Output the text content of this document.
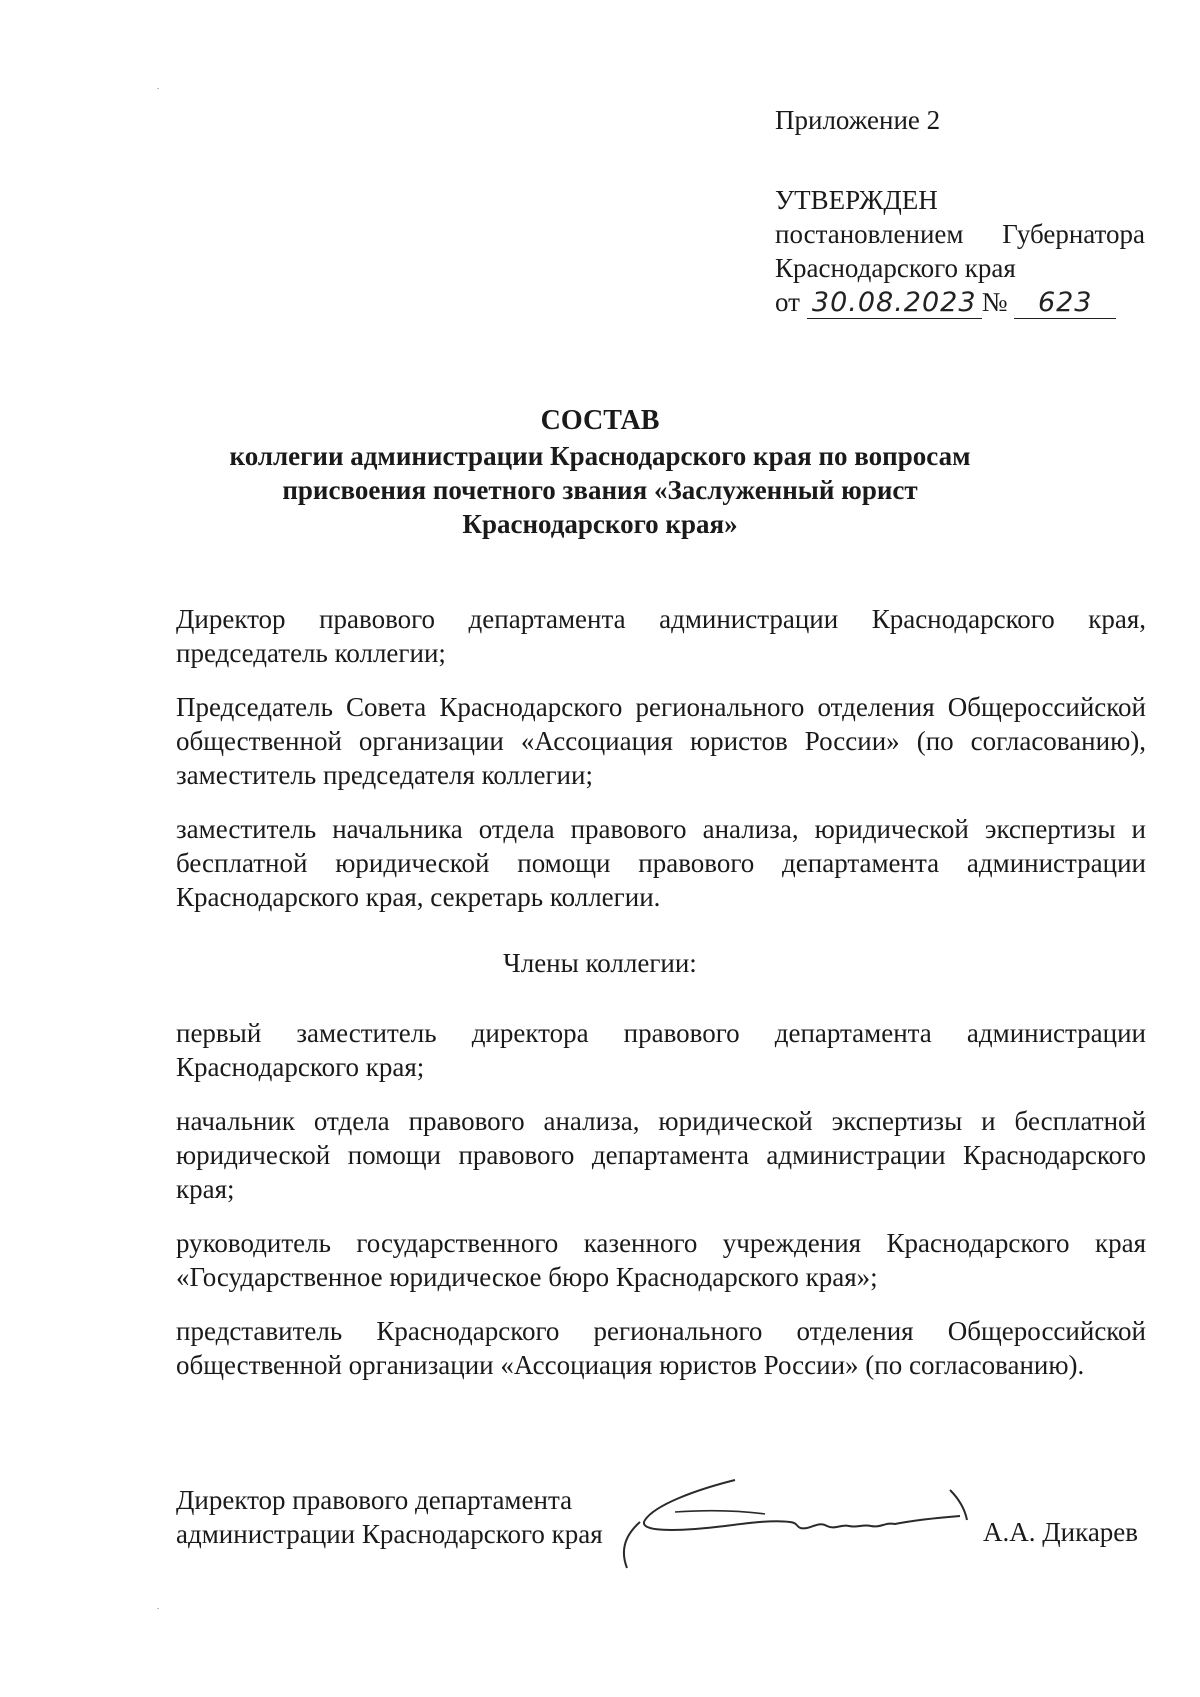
Приложение 2
УТВЕРЖДЕН
постановлением Губернатора
Краснодарского края
от 30.08.2023 № 623
СОСТАВ
коллегии администрации Краснодарского края по вопросам
присвоения почетного звания «Заслуженный юрист
Краснодарского края»
Директор правового департамента администрации Краснодарского края, председатель коллегии;
Председатель Совета Краснодарского регионального отделения Общероссийской общественной организации «Ассоциация юристов России» (по согласованию), заместитель председателя коллегии;
заместитель начальника отдела правового анализа, юридической экспертизы и бесплатной юридической помощи правового департамента администрации Краснодарского края, секретарь коллегии.
Члены коллегии:
первый заместитель директора правового департамента администрации Краснодарского края;
начальник отдела правового анализа, юридической экспертизы и бесплатной юридической помощи правового департамента администрации Краснодарского края;
руководитель государственного казенного учреждения Краснодарского края «Государственное юридическое бюро Краснодарского края»;
представитель Краснодарского регионального отделения Общероссийской общественной организации «Ассоциация юристов России» (по согласованию).
Директор правового департамента
администрации Краснодарского края	А.А. Дикарев
